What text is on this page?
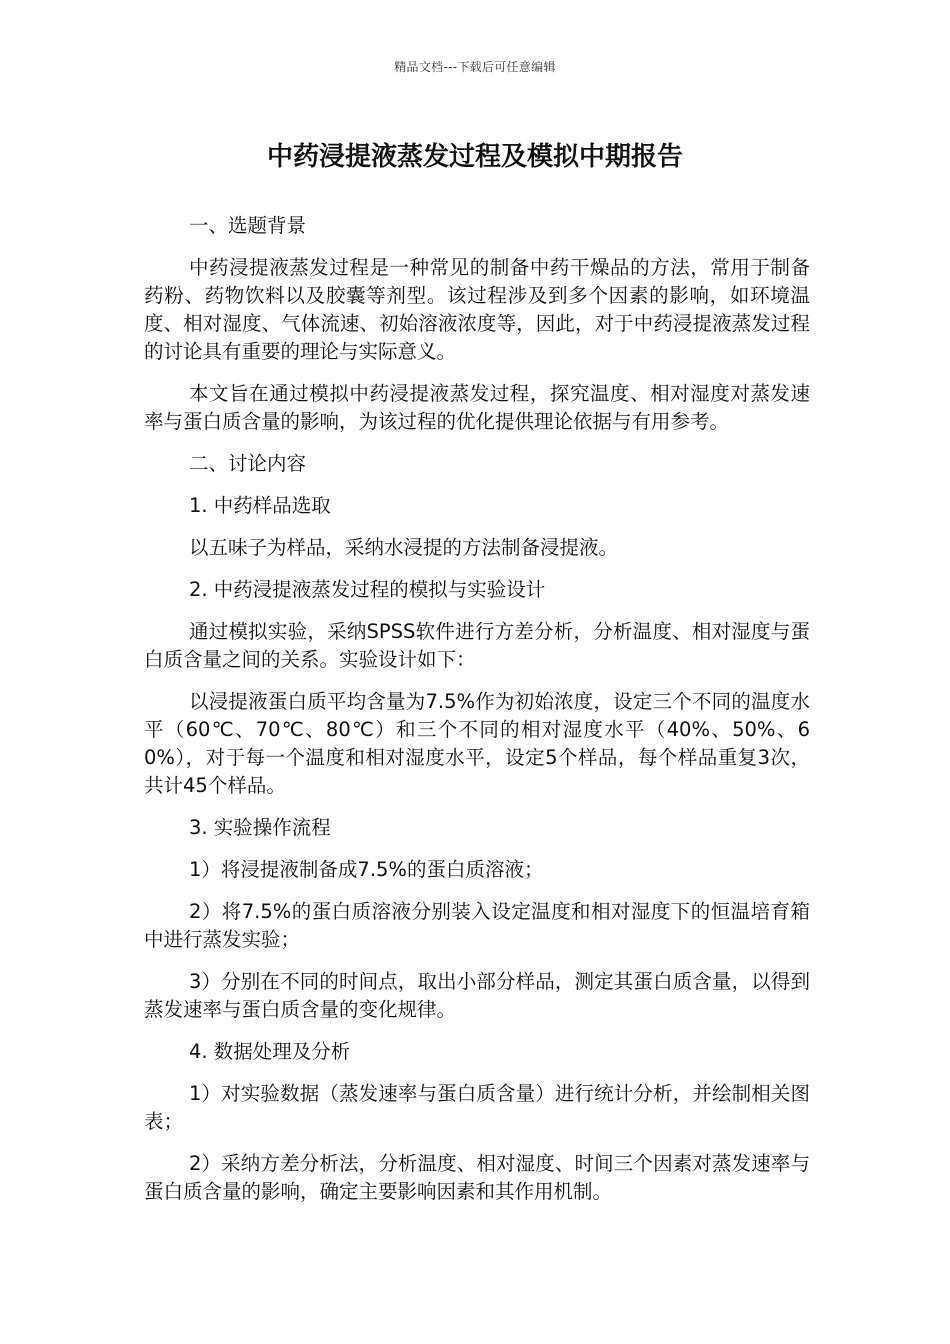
精品文档---下载后可任意编辑
中药浸提液蒸发过程及模拟中期报告

一、选题背景

中药浸提液蒸发过程是一种常见的制备中药干燥品的方法，常用于制备药粉、药物饮料以及胶囊等剂型。该过程涉及到多个因素的影响，如环境温度、相对湿度、气体流速、初始溶液浓度等，因此，对于中药浸提液蒸发过程的讨论具有重要的理论与实际意义。

本文旨在通过模拟中药浸提液蒸发过程，探究温度、相对湿度对蒸发速率与蛋白质含量的影响，为该过程的优化提供理论依据与有用参考。

二、讨论内容

1. 中药样品选取

以五味子为样品，采纳水浸提的方法制备浸提液。

2. 中药浸提液蒸发过程的模拟与实验设计

通过模拟实验，采纳SPSS软件进行方差分析，分析温度、相对湿度与蛋白质含量之间的关系。实验设计如下：

以浸提液蛋白质平均含量为7.5%作为初始浓度，设定三个不同的温度水平（60℃、70℃、80℃）和三个不同的相对湿度水平（40%、50%、60%），对于每一个温度和相对湿度水平，设定5个样品，每个样品重复3次，共计45个样品。

3. 实验操作流程

1）将浸提液制备成7.5%的蛋白质溶液；

2）将7.5%的蛋白质溶液分别装入设定温度和相对湿度下的恒温培育箱中进行蒸发实验；

3）分别在不同的时间点，取出小部分样品，测定其蛋白质含量，以得到蒸发速率与蛋白质含量的变化规律。

4. 数据处理及分析

1）对实验数据（蒸发速率与蛋白质含量）进行统计分析，并绘制相关图表；

2）采纳方差分析法，分析温度、相对湿度、时间三个因素对蒸发速率与蛋白质含量的影响，确定主要影响因素和其作用机制。
